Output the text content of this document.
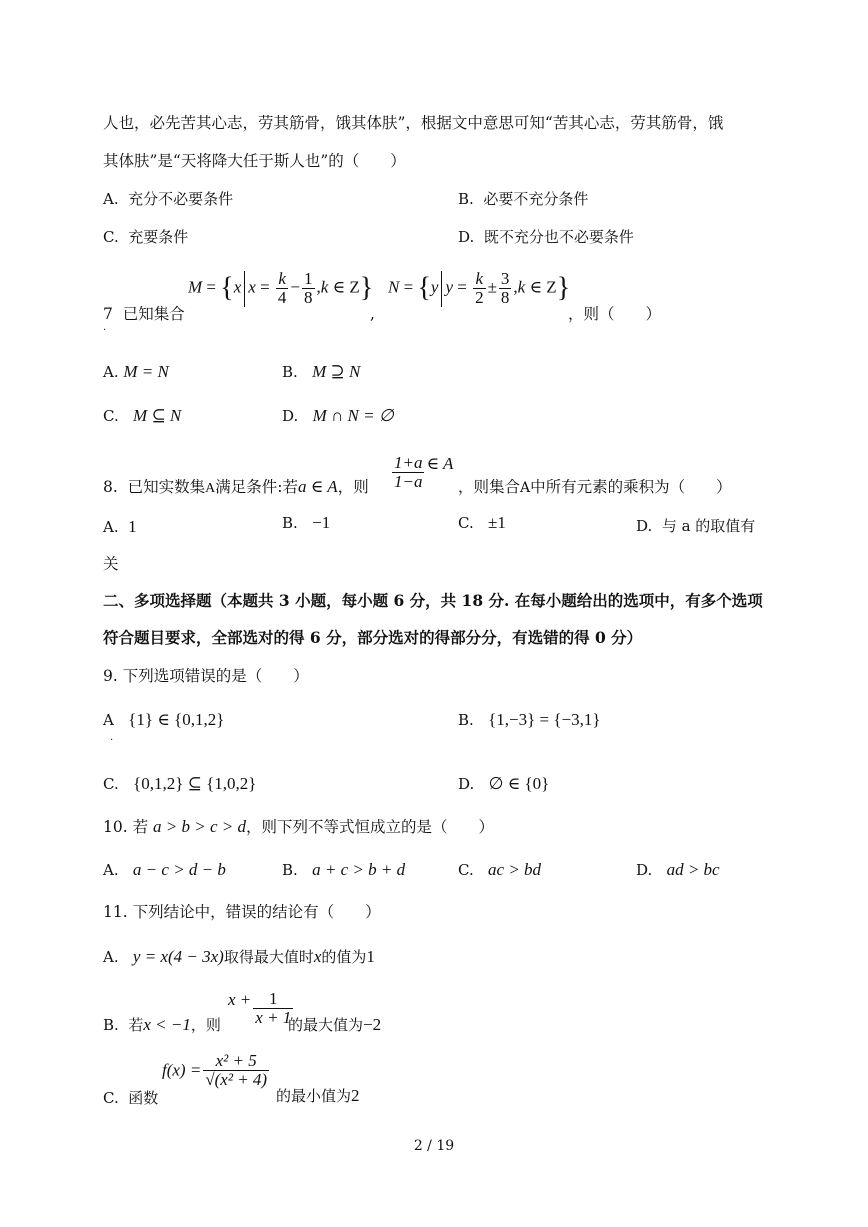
人也，必先苦其心志，劳其筋骨，饿其体肤”，根据文中意思可知“苦其心志，劳其筋骨，饿
其体肤”是“天将降大任于斯人也”的（　　）
A. 充分不必要条件	B. 必要不充分条件
C. 充要条件	D. 既不充分也不必要条件
7 已知集合
.
M = {x $x = \frac{k}{4} - \frac{1}{8} ,k$ ∈ Z}
,
N = {y $y = \frac{k}{2} \pm \frac{3}{8} ,k$ ∈ Z}
，则（　　）
A. M = N	B. M ⊇ N
C. M ⊆ N	D. M ∩ N = ∅
8. 已知实数集A满足条件:若a ∈ A，则 $\frac{1+a}{1-a}$ ∈ A
，则集合A中所有元素的乘积为（　　）
A. 1	B. −1	C. ±1	D. 与 a 的取值有
关
二、多项选择题（本题共 3 小题，每小题 6 分，共 18 分. 在每小题给出的选项中，有多个选项
符合题目要求，全部选对的得 6 分，部分选对的得部分分，有选错的得 0 分）
9. 下列选项错误的是（　　）
A {1} ∈ {0,1,2}
.
B. {1,−3} = {−3,1}
C. {0,1,2} ⊆ {1,0,2}	D. ∅ ∈ {0}
10. 若 a > b > c > d，则下列不等式恒成立的是（　　）
A. a − c > d − b	B. a + c > b + d	C. ac > bd	D. ad > bc
11. 下列结论中，错误的结论有（　　）
A. y = x(4 − 3x)取得最大值时x的值为1
B. 若x < −1，则
$x + \frac{1}{x + 1}$
的最大值为−2
C. 函数
$f(x) = \frac{\text{x² + 5}}{\text{√(x² + 4)}}$
的最小值为2
2 / 19
